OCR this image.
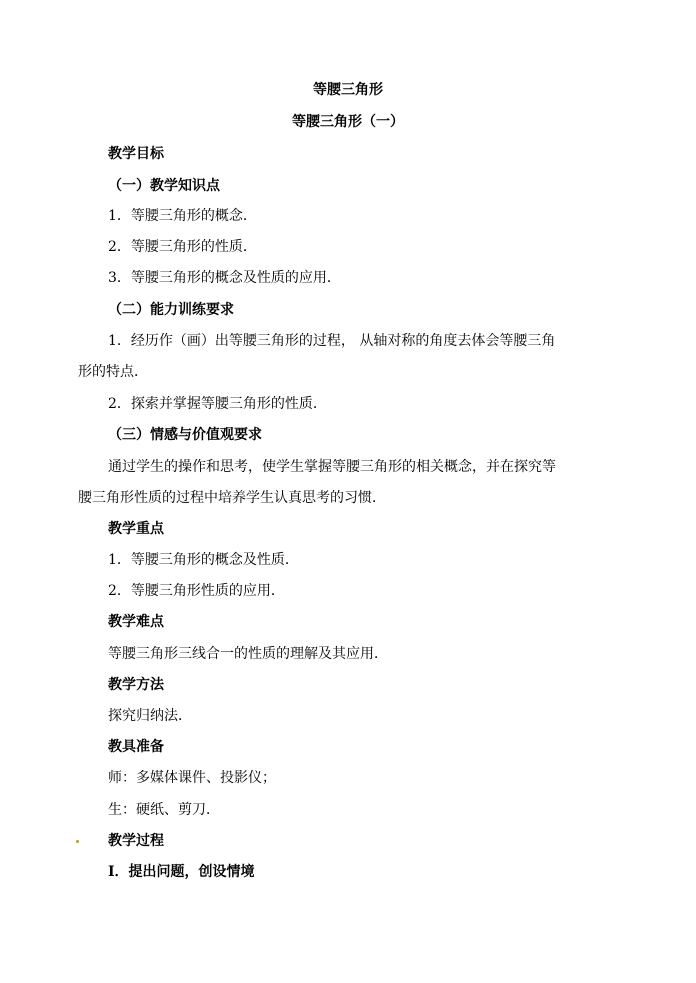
等腰三角形
等腰三角形（一）
教学目标
（一）教学知识点
1．等腰三角形的概念．
2．等腰三角形的性质．
3．等腰三角形的概念及性质的应用．
（二）能力训练要求
1．经历作（画）出等腰三角形的过程， 从轴对称的角度去体会等腰三角
形的特点．
2．探索并掌握等腰三角形的性质．
（三）情感与价值观要求
通过学生的操作和思考，使学生掌握等腰三角形的相关概念，并在探究等
腰三角形性质的过程中培养学生认真思考的习惯．
教学重点
1．等腰三角形的概念及性质．
2．等腰三角形性质的应用．
教学难点
等腰三角形三线合一的性质的理解及其应用．
教学方法
探究归纳法．
教具准备
师：多媒体课件、投影仪；
生：硬纸、剪刀．
教学过程
Ⅰ．提出问题，创设情境
